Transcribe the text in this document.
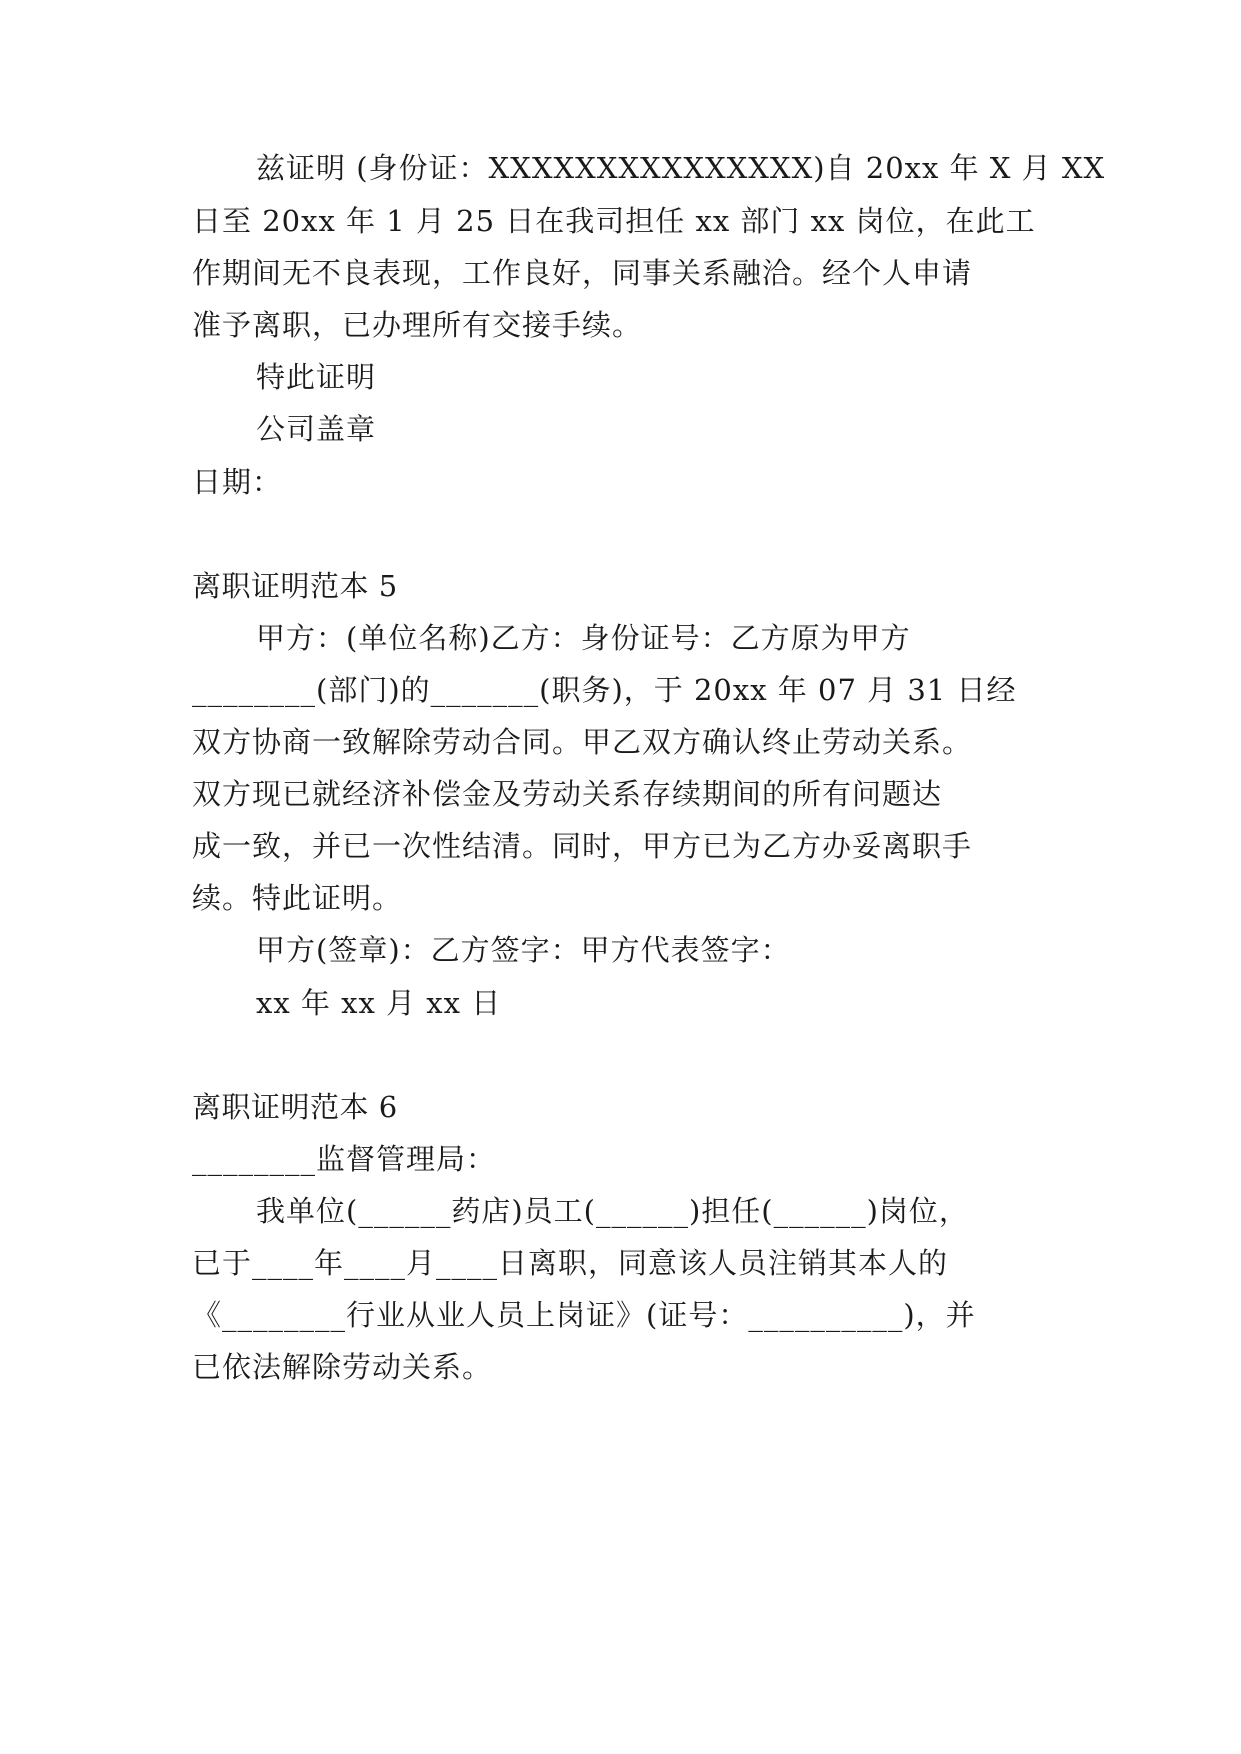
兹证明 (身份证：XXXXXXXXXXXXXXX)自 20xx 年 X 月 XX
日至 20xx 年 1 月 25 日在我司担任 xx 部门 xx 岗位，在此工
作期间无不良表现，工作良好，同事关系融洽。经个人申请
准予离职，已办理所有交接手续。
特此证明
公司盖章
日期：
离职证明范本 5
甲方：(单位名称)乙方：身份证号：乙方原为甲方
________(部门)的_______(职务)，于 20xx 年 07 月 31 日经
双方协商一致解除劳动合同。甲乙双方确认终止劳动关系。
双方现已就经济补偿金及劳动关系存续期间的所有问题达
成一致，并已一次性结清。同时，甲方已为乙方办妥离职手
续。特此证明。
甲方(签章)：乙方签字：甲方代表签字：
xx 年 xx 月 xx 日
离职证明范本 6
________监督管理局：
我单位(______药店)员工(______)担任(______)岗位，
已于____年____月____日离职，同意该人员注销其本人的
《________行业从业人员上岗证》(证号：__________)，并
已依法解除劳动关系。
